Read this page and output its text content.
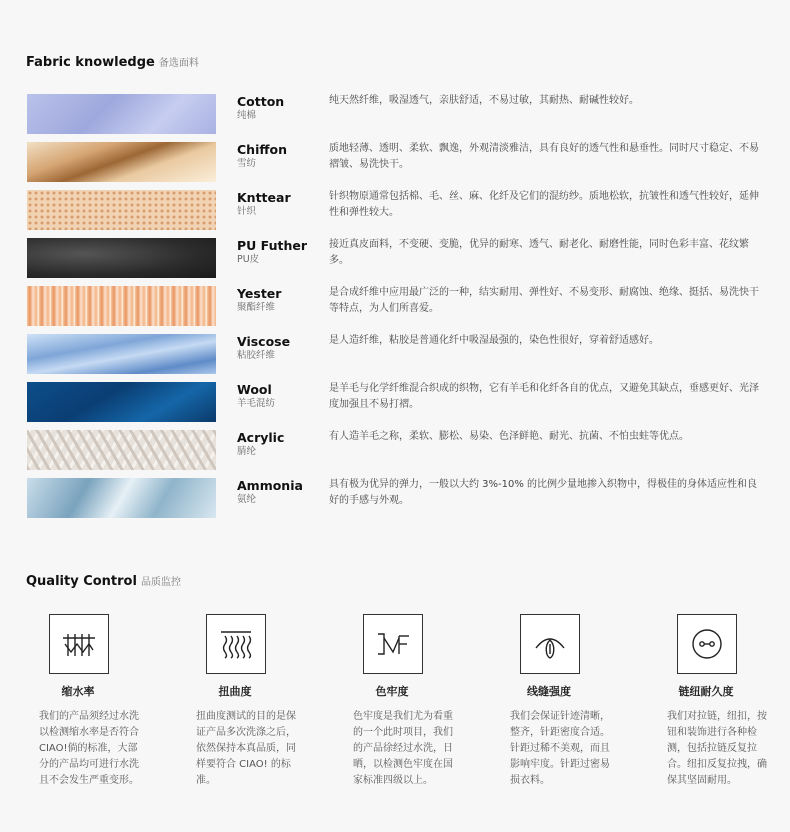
Fabric knowledge 备选面料
Cotton
纯棉
纯天然纤维，吸湿透气，亲肤舒适，不易过敏，其耐热、耐碱性较好。
Chiffon
雪纺
质地轻薄、透明、柔软、飘逸，外观清淡雅洁，具有良好的透气性和悬垂性。同时尺寸稳定、不易褶皱、易洗快干。
Knttear
针织
针织物原通常包括棉、毛、丝、麻、化纤及它们的混纺纱。质地松软，抗皱性和透气性较好，延伸性和弹性较大。
PU Futher
PU皮
接近真皮面料，不变硬、变脆，优异的耐寒、透气、耐老化、耐磨性能，同时色彩丰富、花纹繁多。
Yester
聚酯纤维
是合成纤维中应用最广泛的一种，结实耐用、弹性好、不易变形、耐腐蚀、绝缘、挺括、易洗快干等特点，为人们所喜爱。
Viscose
粘胶纤维
是人造纤维，粘胶是普通化纤中吸湿最强的，染色性很好，穿着舒适感好。
Wool
羊毛混纺
是羊毛与化学纤维混合织成的织物，它有羊毛和化纤各自的优点，又避免其缺点，垂感更好、光泽度加强且不易打褶。
Acrylic
腈纶
有人造羊毛之称，柔软、膨松、易染、色泽鲜艳、耐光、抗菌、不怕虫蛀等优点。
Ammonia
氨纶
具有极为优异的弹力，一般以大约 3%-10% 的比例少量地掺入织物中，得极佳的身体适应性和良好的手感与外观。
Quality Control 品质监控
缩水率
我们的产品须经过水洗以检测缩水率是否符合CIAO!倘的标准，大部分的产品均可进行水洗且不会发生严重变形。
扭曲度
扭曲度测试的目的是保证产品多次洗涤之后，依然保持本真品质，同样要符合 CIAO! 的标准。
色牢度
色牢度是我们尤为看重的一个此时项目，我们的产品徐经过水洗，日晒，以检测色牢度在国家标准四级以上。
线缝强度
我们会保证针迹清晰，整齐，针距密度合适。针距过稀不美观，而且影响牢度。针距过密易损衣料。
链纽耐久度
我们对拉链，纽扣，按钮和装饰进行各种检测，包括拉链反复拉合。纽扣反复拉拽，确保其坚固耐用。
